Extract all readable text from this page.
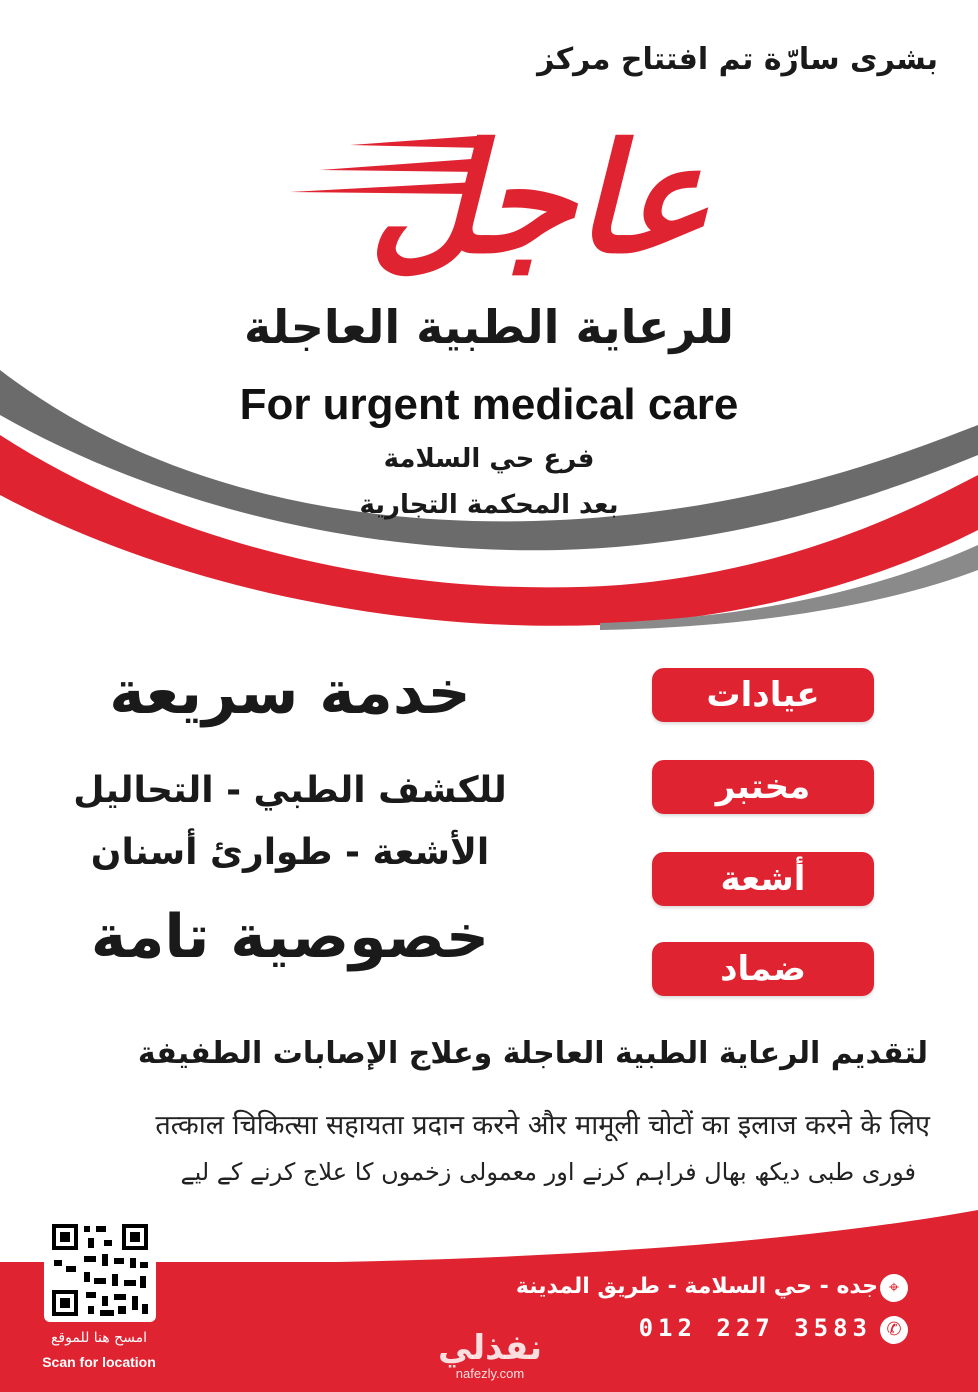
بشرى سارّة تم افتتاح مركز
عاجل
للرعاية الطبية العاجلة
For urgent medical care
فرع حي السلامة
بعد المحكمة التجارية
عيادات
مختبر
أشعة
ضماد
خدمة سريعة
للكشف الطبي - التحاليل
الأشعة - طوارئ أسنان
خصوصية تامة
لتقديم الرعاية الطبية العاجلة وعلاج الإصابات الطفيفة
तत्काल चिकित्सा सहायता प्रदान करने और मामूली चोटों का इलाज करने के लिए
فوری طبی دیکھ بھال فراہم کرنے اور معمولی زخموں کا علاج کرنے کے لیے
امسح هنا للموقع
Scan for location
⌖
جده - حي السلامة - طريق المدينة
✆
012 227 3583
نفذلي
nafezly.com
